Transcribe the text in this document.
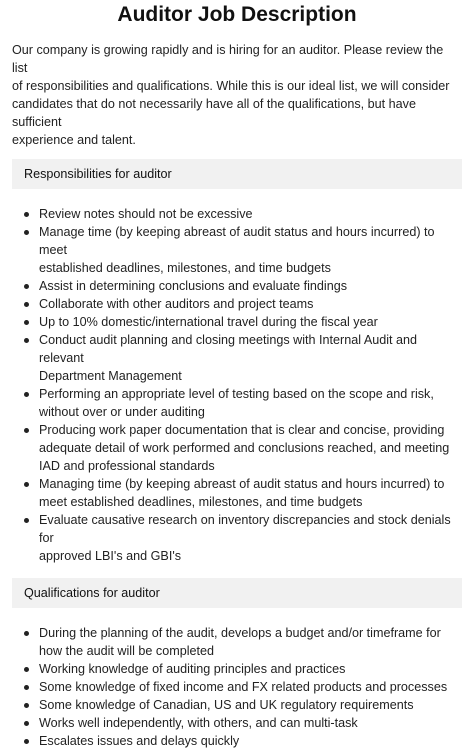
Auditor Job Description

Our company is growing rapidly and is hiring for an auditor. Please review the list
of responsibilities and qualifications. While this is our ideal list, we will consider
candidates that do not necessarily have all of the qualifications, but have sufficient
experience and talent.

Responsibilities for auditor
Review notes should not be excessive
Manage time (by keeping abreast of audit status and hours incurred) to meet
established deadlines, milestones, and time budgets
Assist in determining conclusions and evaluate findings
Collaborate with other auditors and project teams
Up to 10% domestic/international travel during the fiscal year
Conduct audit planning and closing meetings with Internal Audit and relevant
Department Management
Performing an appropriate level of testing based on the scope and risk,
without over or under auditing
Producing work paper documentation that is clear and concise, providing
adequate detail of work performed and conclusions reached, and meeting
IAD and professional standards
Managing time (by keeping abreast of audit status and hours incurred) to
meet established deadlines, milestones, and time budgets
Evaluate causative research on inventory discrepancies and stock denials for
approved LBI's and GBI's
Qualifications for auditor
During the planning of the audit, develops a budget and/or timeframe for
how the audit will be completed
Working knowledge of auditing principles and practices
Some knowledge of fixed income and FX related products and processes
Some knowledge of Canadian, US and UK regulatory requirements
Works well independently, with others, and can multi-task
Escalates issues and delays quickly
